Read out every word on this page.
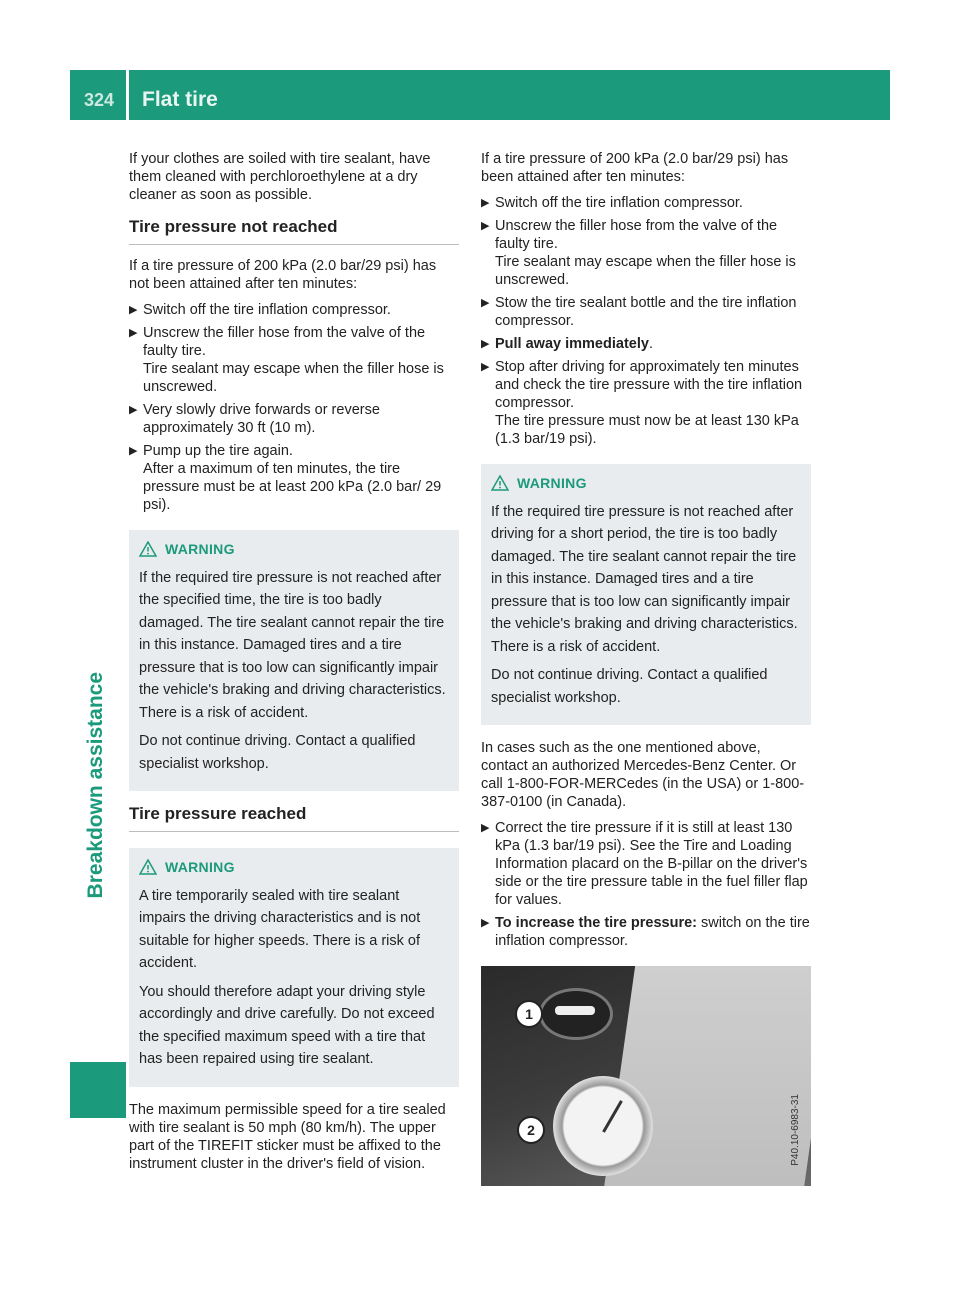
324 Flat tire
Breakdown assistance

If your clothes are soiled with tire sealant, have them cleaned with perchloroethylene at a dry cleaner as soon as possible.

Tire pressure not reached

If a tire pressure of 200 kPa (2.0 bar/29 psi) has not been attained after ten minutes:

▶ Switch off the tire inflation compressor.
▶ Unscrew the filler hose from the valve of the faulty tire.
Tire sealant may escape when the filler hose is unscrewed.
▶ Very slowly drive forwards or reverse approximately 30 ft (10 m).
▶ Pump up the tire again.
After a maximum of ten minutes, the tire pressure must be at least 200 kPa (2.0 bar/ 29 psi).
WARNING

If the required tire pressure is not reached after the specified time, the tire is too badly damaged. The tire sealant cannot repair the tire in this instance. Damaged tires and a tire pressure that is too low can significantly impair the vehicle's braking and driving characteristics. There is a risk of accident.

Do not continue driving. Contact a qualified specialist workshop.

Tire pressure reached
WARNING

A tire temporarily sealed with tire sealant impairs the driving characteristics and is not suitable for higher speeds. There is a risk of accident.

You should therefore adapt your driving style accordingly and drive carefully. Do not exceed the specified maximum speed with a tire that has been repaired using tire sealant.

The maximum permissible speed for a tire sealed with tire sealant is 50 mph (80 km/h). The upper part of the TIREFIT sticker must be affixed to the instrument cluster in the driver's field of vision.

If a tire pressure of 200 kPa (2.0 bar/29 psi) has been attained after ten minutes:

▶ Switch off the tire inflation compressor.
▶ Unscrew the filler hose from the valve of the faulty tire.
Tire sealant may escape when the filler hose is unscrewed.
▶ Stow the tire sealant bottle and the tire inflation compressor.
▶ Pull away immediately.
▶ Stop after driving for approximately ten minutes and check the tire pressure with the tire inflation compressor.
The tire pressure must now be at least 130 kPa (1.3 bar/19 psi).
WARNING

If the required tire pressure is not reached after driving for a short period, the tire is too badly damaged. The tire sealant cannot repair the tire in this instance. Damaged tires and a tire pressure that is too low can significantly impair the vehicle's braking and driving characteristics. There is a risk of accident.

Do not continue driving. Contact a qualified specialist workshop.

In cases such as the one mentioned above, contact an authorized Mercedes-Benz Center. Or call 1-800-FOR-MERCedes (in the USA) or 1-800-387-0100 (in Canada).

▶ Correct the tire pressure if it is still at least 130 kPa (1.3 bar/19 psi). See the Tire and Loading Information placard on the B-pillar on the driver's side or the tire pressure table in the fuel filler flap for values.
▶ To increase the tire pressure: switch on the tire inflation compressor.
1
2	P40.10-6983-31
